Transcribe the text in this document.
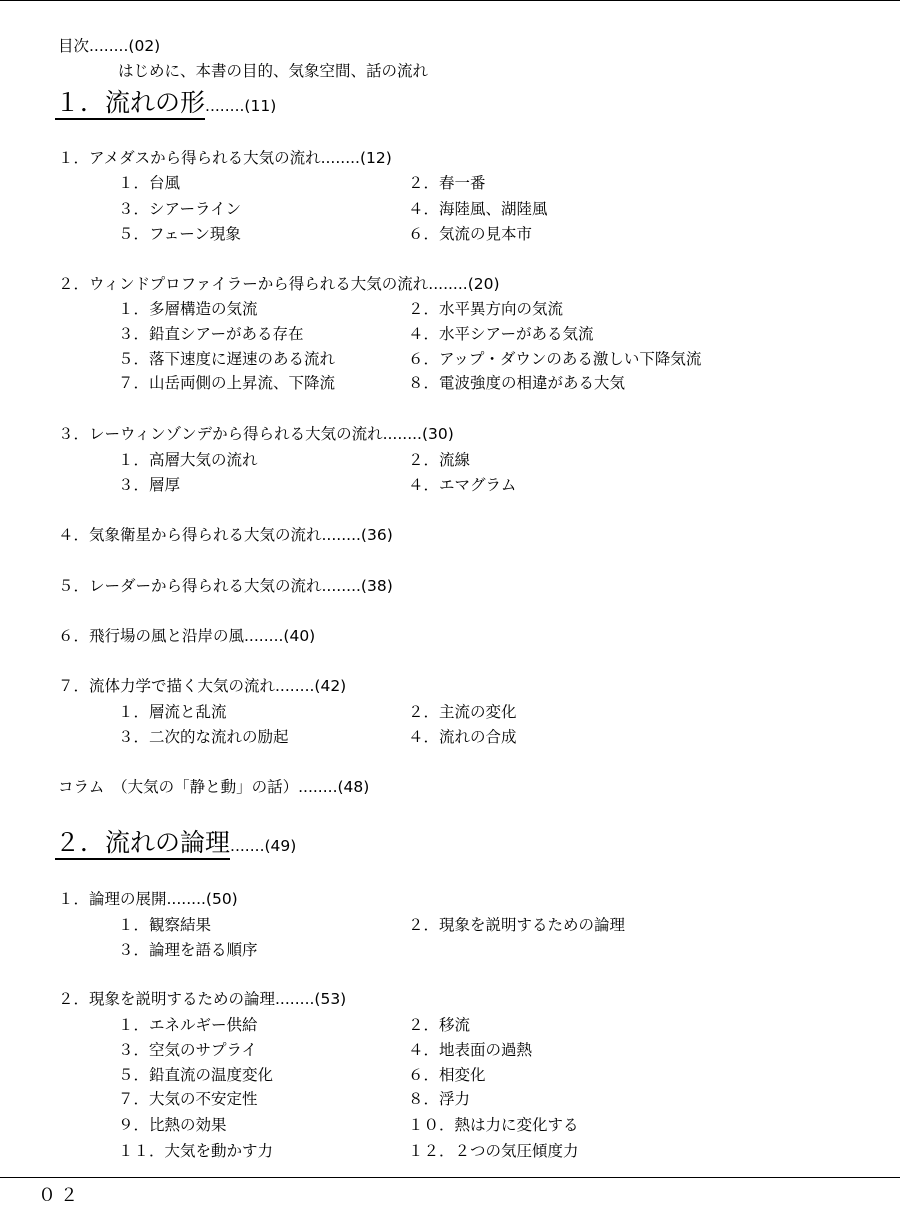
目次........(02)
はじめに、本書の目的、気象空間、話の流れ
１．流れの形........(11)
１．アメダスから得られる大気の流れ........(12)
１．台風	２．春一番
３．シアーライン	４．海陸風、湖陸風
５．フェーン現象	６．気流の見本市
２．ウィンドプロファイラーから得られる大気の流れ........(20)
１．多層構造の気流	２．水平異方向の気流
３．鉛直シアーがある存在	４．水平シアーがある気流
５．落下速度に遅速のある流れ	６．アップ・ダウンのある激しい下降気流
７．山岳両側の上昇流、下降流	８．電波強度の相違がある大気
３．レーウィンゾンデから得られる大気の流れ........(30)
１．高層大気の流れ	２．流線
３．層厚	４．エマグラム
４．気象衛星から得られる大気の流れ........(36)
５．レーダーから得られる大気の流れ........(38)
６．飛行場の風と沿岸の風........(40)
７．流体力学で描く大気の流れ........(42)
１．層流と乱流	２．主流の変化
３．二次的な流れの励起	４．流れの合成
コラム　（大気の「静と動」の話）........(48)
２．流れの論理.......(49)
１．論理の展開........(50)
１．観察結果	２．現象を説明するための論理
３．論理を語る順序
２．現象を説明するための論理........(53)
１．エネルギー供給	２．移流
３．空気のサプライ	４．地表面の過熱
５．鉛直流の温度変化	６．相変化
７．大気の不安定性	８．浮力
９．比熱の効果	１０．熱は力に変化する
１１．大気を動かす力	１２．２つの気圧傾度力
０２
